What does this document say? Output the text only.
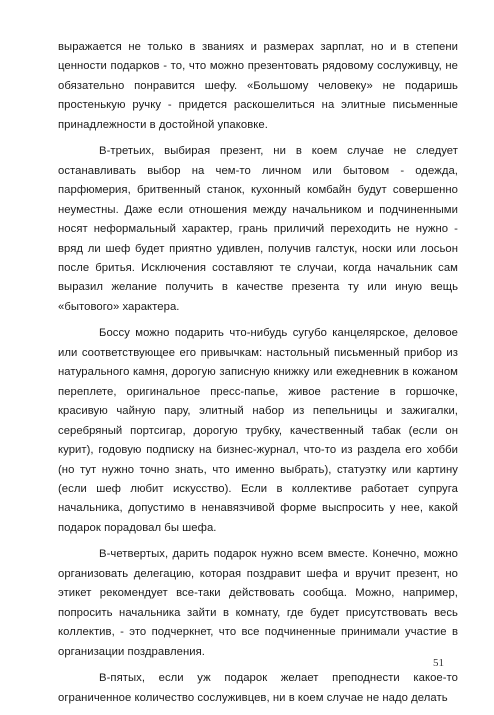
выражается не только в званиях и размерах зарплат, но и в степени ценности подарков - то, что можно презентовать рядовому сослуживцу, не обязательно понравится шефу. «Большому человеку» не подаришь простенькую ручку - придется раскошелиться на элитные письменные принадлежности в достойной упаковке.

В-третьих, выбирая презент, ни в коем случае не следует останавливать выбор на чем-то личном или бытовом - одежда, парфюмерия, бритвенный станок, кухонный комбайн будут совершенно неуместны. Даже если отношения между начальником и подчиненными носят неформальный характер, грань приличий переходить не нужно - вряд ли шеф будет приятно удивлен, получив галстук, носки или лосьон после бритья. Исключения составляют те случаи, когда начальник сам выразил желание получить в качестве презента ту или иную вещь «бытового» характера.

Боссу можно подарить что-нибудь сугубо канцелярское, деловое или соответствующее его привычкам: настольный письменный прибор из натурального камня, дорогую записную книжку или ежедневник в кожаном переплете, оригинальное пресс-папье, живое растение в горшочке, красивую чайную пару, элитный набор из пепельницы и зажигалки, серебряный портсигар, дорогую трубку, качественный табак (если он курит), годовую подписку на бизнес-журнал, что-то из раздела его хобби (но тут нужно точно знать, что именно выбрать), статуэтку или картину (если шеф любит искусство). Если в коллективе работает супруга начальника, допустимо в ненавязчивой форме выспросить у нее, какой подарок порадовал бы шефа.

В-четвертых, дарить подарок нужно всем вместе. Конечно, можно организовать делегацию, которая поздравит шефа и вручит презент, но этикет рекомендует все-таки действовать сообща. Можно, например, попросить начальника зайти в комнату, где будет присутствовать весь коллектив, - это подчеркнет, что все подчиненные принимали участие в организации поздравления.

В-пятых, если уж подарок желает преподнести какое-то ограниченное количество сослуживцев, ни в коем случае не надо делать

51
